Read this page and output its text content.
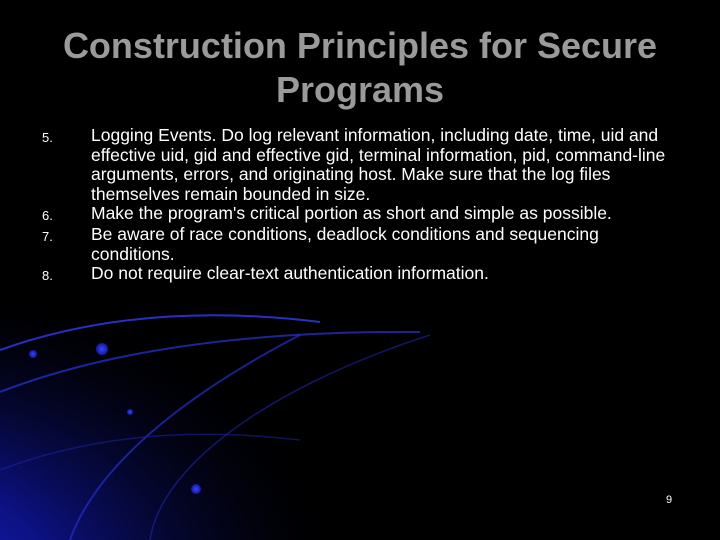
Construction Principles for Secure Programs
5.	Logging Events. Do log relevant information, including date, time, uid and effective uid, gid and effective gid, terminal information, pid, command-line arguments, errors, and originating host. Make sure that the log files themselves remain bounded in size.
6.	Make the program's critical portion as short and simple as possible.
7.	Be aware of race conditions, deadlock conditions and sequencing conditions.
8.	Do not require clear-text authentication information.
9
